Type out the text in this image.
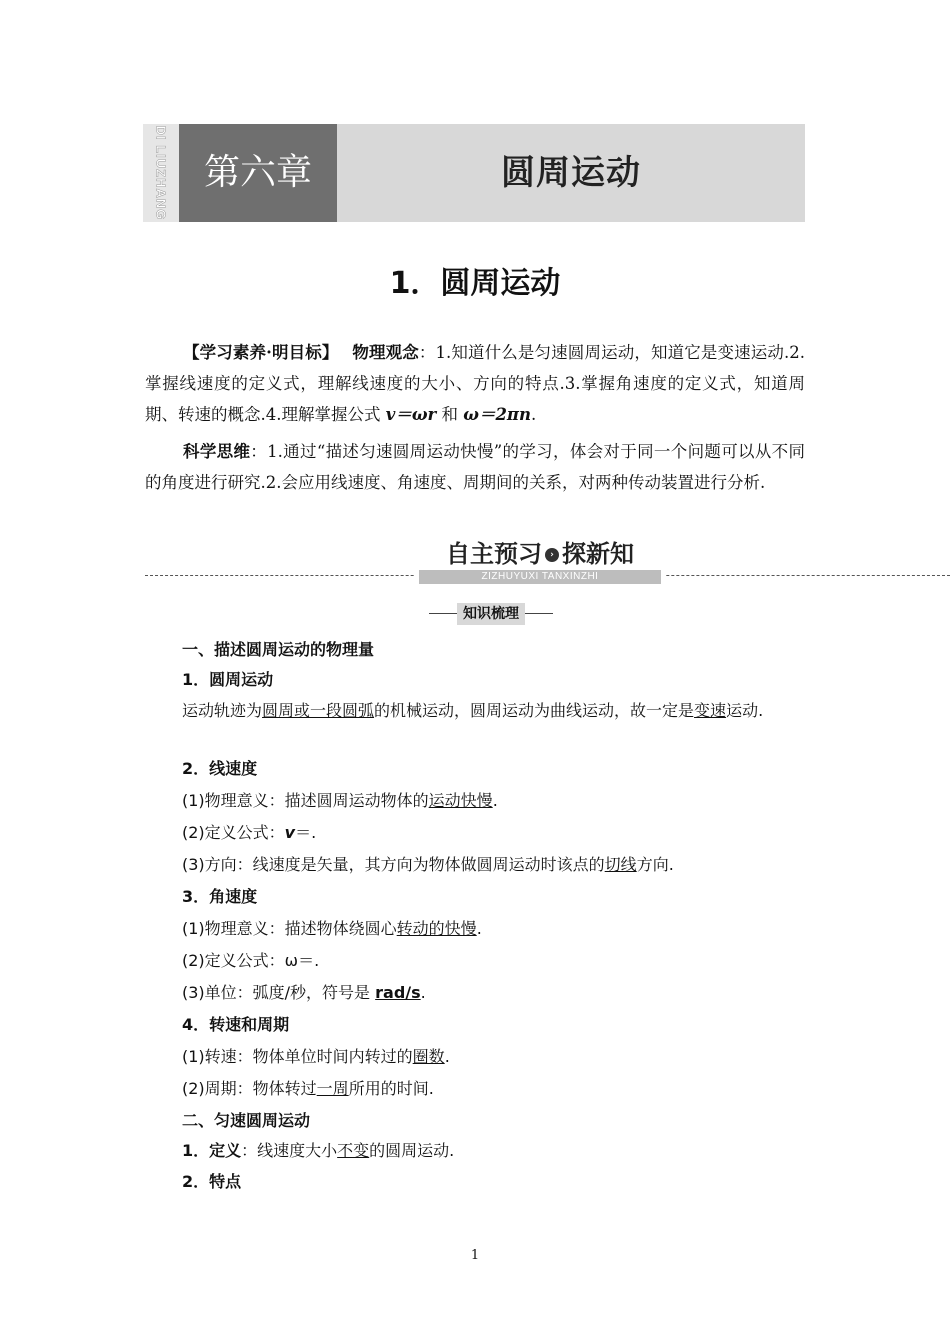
DI LIUZHANG 第六章	圆周运动
1．圆周运动
【学习素养·明目标】　 物理观念：1.知道什么是匀速圆周运动，知道它是变速运动.2.掌握线速度的定义式，理解线速度的大小、方向的特点.3.掌握角速度的定义式，知道周期、转速的概念.4.理解掌握公式 v＝ωr 和 ω＝2πn.
科学思维：1.通过“描述匀速圆周运动快慢”的学习，体会对于同一个问题可以从不同的角度进行研究.2.会应用线速度、角速度、周期间的关系，对两种传动装置进行分析.
自主预习 › 探新知
ZIZHUYUXI TANXINZHI
知识梳理
一、描述圆周运动的物理量
1．圆周运动
运动轨迹为圆周或一段圆弧的机械运动，圆周运动为曲线运动，故一定是变速运动.
2．线速度
(1)物理意义：描述圆周运动物体的运动快慢.
(2)定义公式：v＝.
(3)方向：线速度是矢量，其方向为物体做圆周运动时该点的切线方向.
3．角速度
(1)物理意义：描述物体绕圆心转动的快慢.
(2)定义公式：ω＝.
(3)单位：弧度/秒，符号是 rad/s.
4．转速和周期
(1)转速：物体单位时间内转过的圈数.
(2)周期：物体转过一周所用的时间.
二、匀速圆周运动
1．定义：线速度大小不变的圆周运动.
2．特点
1
